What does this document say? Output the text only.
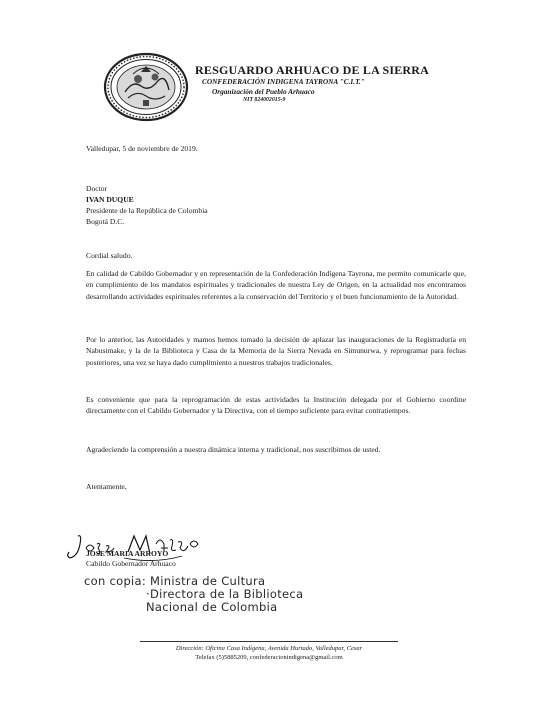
RESGUARDO ARHUACO DE LA SIERRA
CONFEDERACIÓN INDIGENA TAYRONA "C.I.T."
Organización del Pueblo Arhuaco
NIT 824002015-9
Valledupar, 5 de noviembre de 2019.
Doctor
IVAN DUQUE
Presidente de la República de Colombia
Bogotá D.C.
Cordial saludo.
En calidad de Cabildo Gobernador y en representación de la Confederación Indígena Tayrona, me permito comunicarle que, en cumplimiento de los mandatos espirituales y tradicionales de nuestra Ley de Origen, en la actualidad nos encontramos desarrollando actividades espirituales referentes a la conservación del Territorio y el buen funcionamiento de la Autoridad.
Por lo anterior, las Autoridades y mamos hemos tomado la decisión de aplazar las inauguraciones de la Registraduría en Nabusimake, y la de la Biblioteca y Casa de la Memoria de la Sierra Nevada en Simunurwa, y reprogramar para fechas posteriores, una vez se haya dado cumplimiento a nuestros trabajos tradicionales.
Es conveniente que para la reprogramación de estas actividades la Institución delegada por el Gobierno coordine directamente con el Cabildo Gobernador y la Directiva, con el tiempo suficiente para evitar contratiempos.
Agradeciendo la comprensión a nuestra dinámica interna y tradicional, nos suscribimos de usted.
Atentamente,
JOSE MARIA ARROYO
Cabildo Gobernador Arhuaco
con copia: Ministra de Cultura
·Directora de la Biblioteca
Nacional de Colombia
Dirección: Oficina Casa Indígena, Avenida Hurtado, Valledupar, Cesar
Telefax (5)5885209, confederacionindigena@gmail.com
